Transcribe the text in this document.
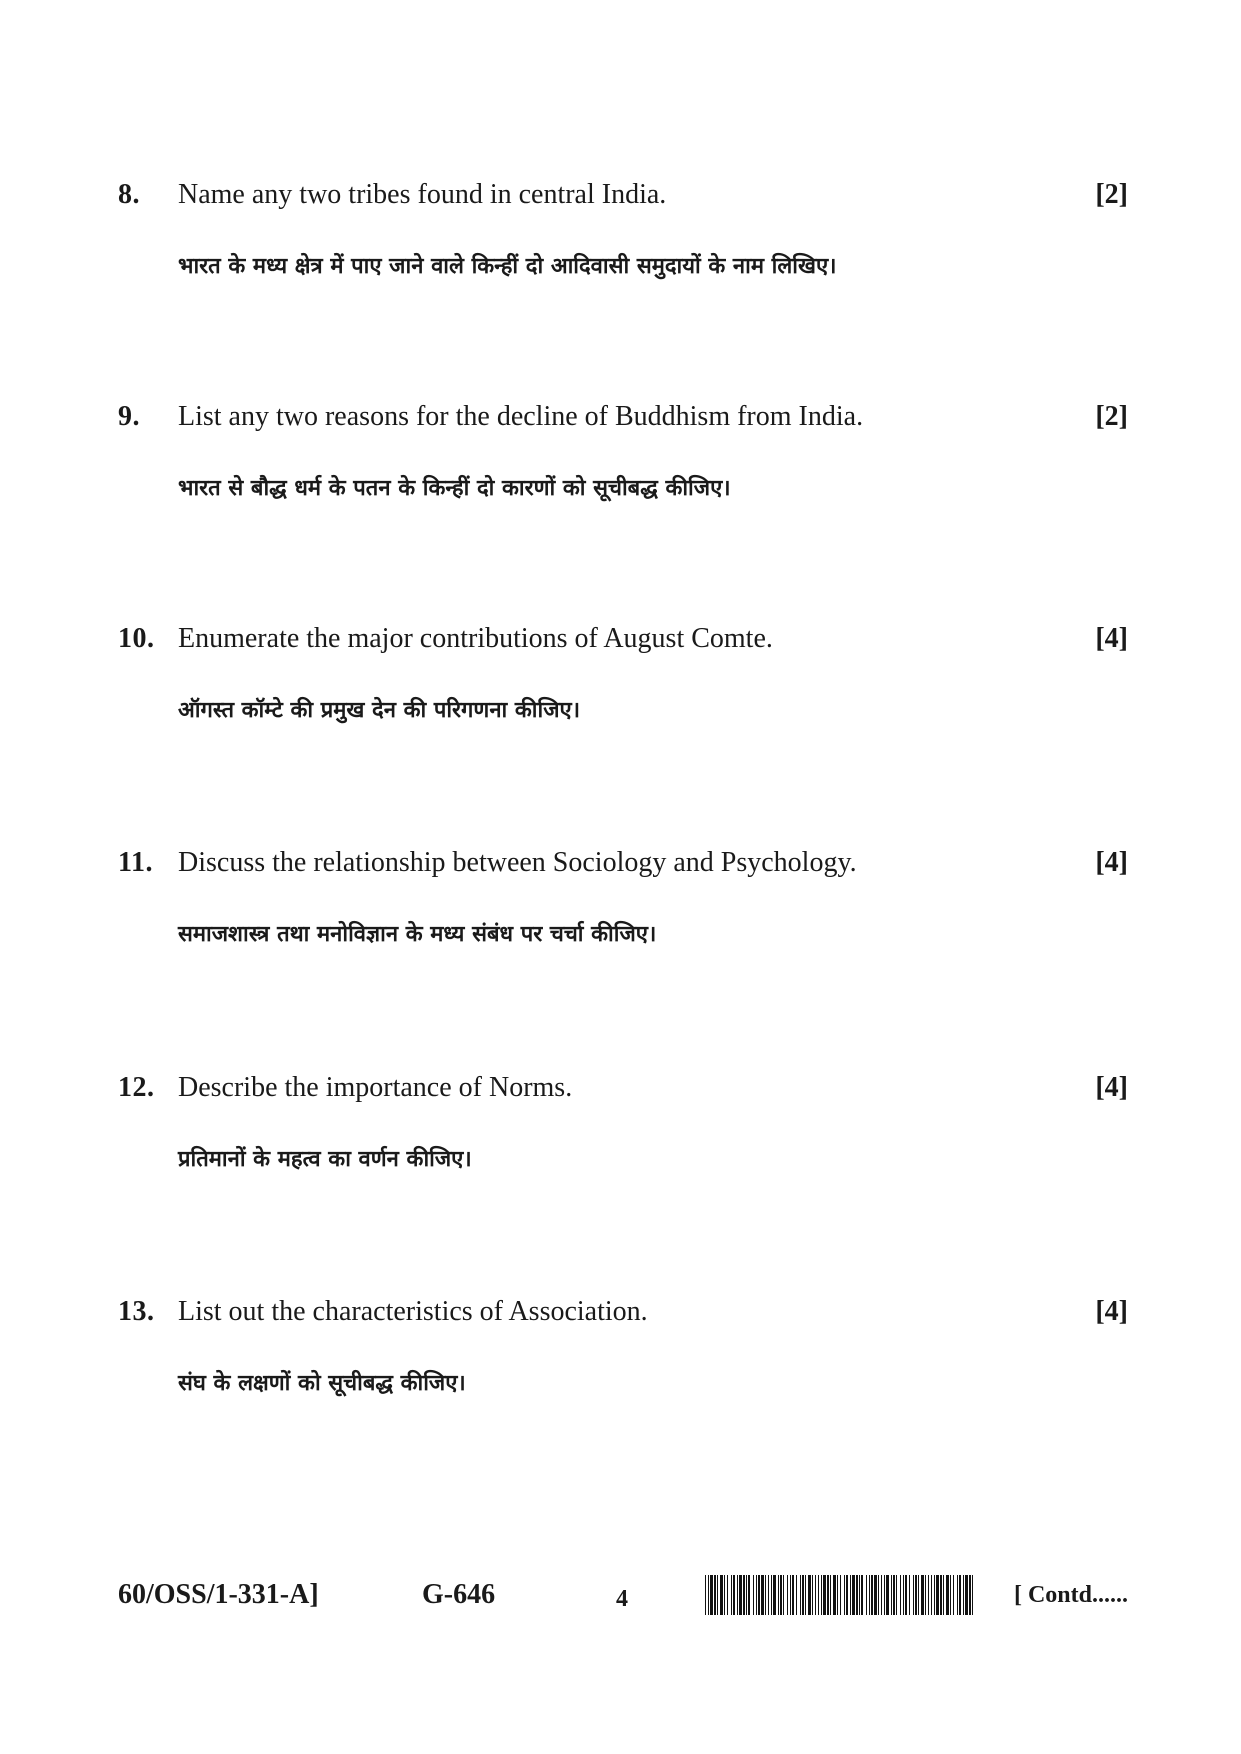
8. Name any two tribes found in central India.	[2]
भारत के मध्य क्षेत्र में पाए जाने वाले किन्हीं दो आदिवासी समुदायों के नाम लिखिए।
9. List any two reasons for the decline of Buddhism from India.	[2]
भारत से बौद्ध धर्म के पतन के किन्हीं दो कारणों को सूचीबद्ध कीजिए।
10. Enumerate the major contributions of August Comte.	[4]
ऑगस्त कॉम्टे की प्रमुख देन की परिगणना कीजिए।
11. Discuss the relationship between Sociology and Psychology.	[4]
समाजशास्त्र तथा मनोविज्ञान के मध्य संबंध पर चर्चा कीजिए।
12. Describe the importance of Norms.	[4]
प्रतिमानों के महत्व का वर्णन कीजिए।
13. List out the characteristics of Association.	[4]
संघ के लक्षणों को सूचीबद्ध कीजिए।
60/OSS/1-331-A]	G-646	4	[ Contd......
